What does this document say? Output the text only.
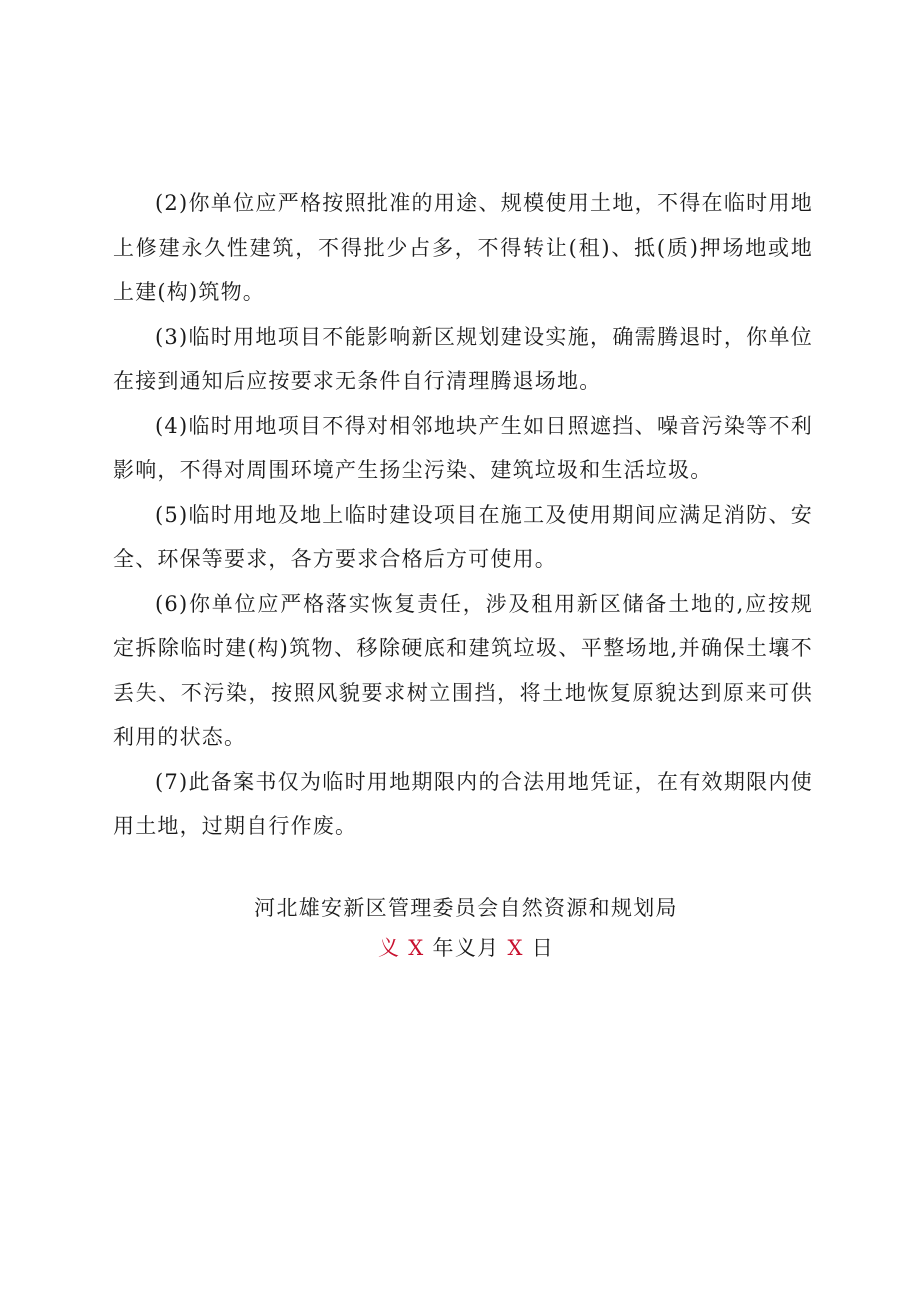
(2)你单位应严格按照批准的用途、规模使用土地，不得在临时用地上修建永久性建筑，不得批少占多，不得转让(租)、抵(质)押场地或地上建(构)筑物。

(3)临时用地项目不能影响新区规划建设实施，确需腾退时，你单位在接到通知后应按要求无条件自行清理腾退场地。

(4)临时用地项目不得对相邻地块产生如日照遮挡、噪音污染等不利影响，不得对周围环境产生扬尘污染、建筑垃圾和生活垃圾。

(5)临时用地及地上临时建设项目在施工及使用期间应满足消防、安全、环保等要求，各方要求合格后方可使用。

(6)你单位应严格落实恢复责任，涉及租用新区储备土地的,应按规定拆除临时建(构)筑物、移除硬底和建筑垃圾、平整场地,并确保土壤不丢失、不污染，按照风貌要求树立围挡，将土地恢复原貌达到原来可供利用的状态。

(7)此备案书仅为临时用地期限内的合法用地凭证，在有效期限内使用土地，过期自行作废。

河北雄安新区管理委员会自然资源和规划局
义 X 年义月 X 日
